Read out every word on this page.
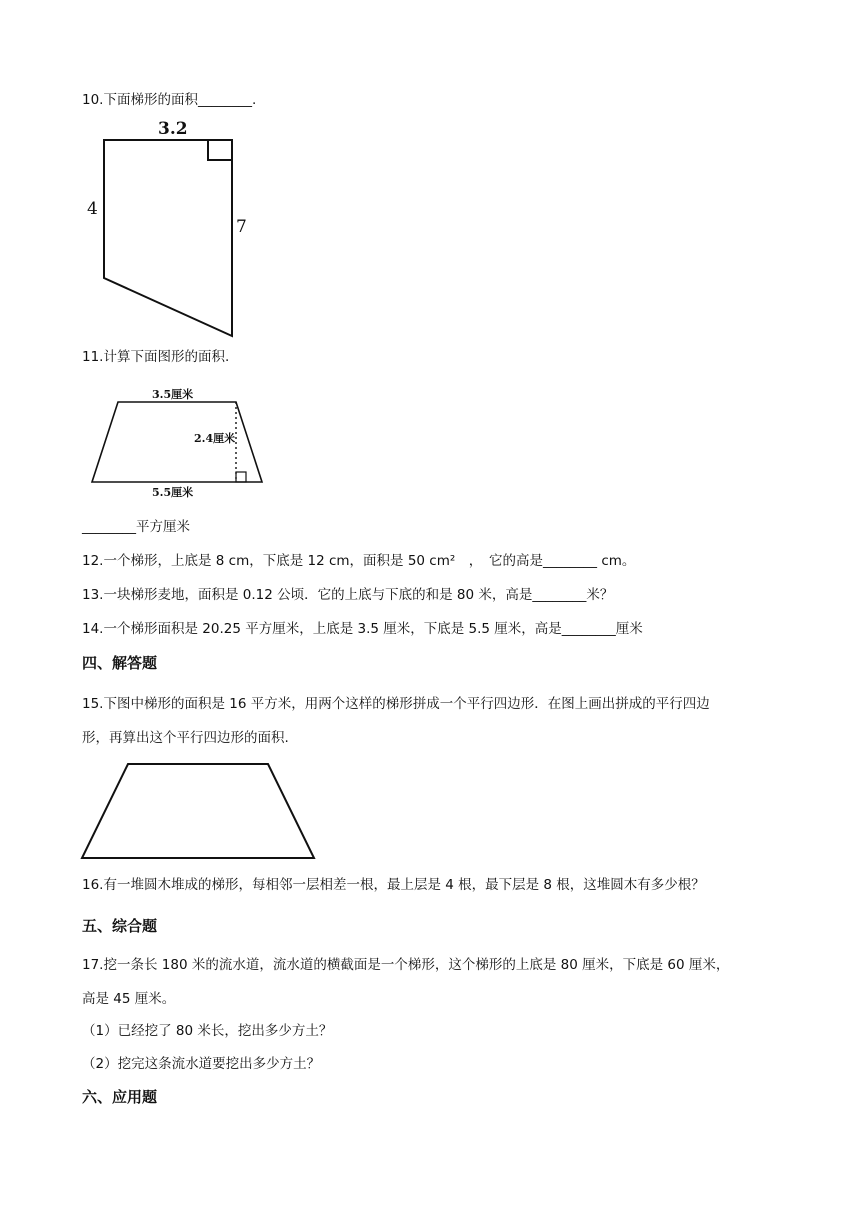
10.下面梯形的面积________.
3.2
4
7
11.计算下面图形的面积.
3.5厘米
2.4厘米
5.5厘米
________平方厘米
12.一个梯形，上底是 8 cm，下底是 12 cm，面积是 50 cm²　，　它的高是________ cm。
13.一块梯形麦地，面积是 0.12 公顷．它的上底与下底的和是 80 米，高是________米？
14.一个梯形面积是 20.25 平方厘米，上底是 3.5 厘米，下底是 5.5 厘米，高是________厘米
四、解答题
15.下图中梯形的面积是 16 平方米，用两个这样的梯形拼成一个平行四边形．在图上画出拼成的平行四边
形，再算出这个平行四边形的面积.
16.有一堆圆木堆成的梯形，每相邻一层相差一根，最上层是 4 根，最下层是 8 根，这堆圆木有多少根？
五、综合题
17.挖一条长 180 米的流水道，流水道的横截面是一个梯形，这个梯形的上底是 80 厘米，下底是 60 厘米，
高是 45 厘米。
（1）已经挖了 80 米长，挖出多少方土？
（2）挖完这条流水道要挖出多少方土？
六、应用题
